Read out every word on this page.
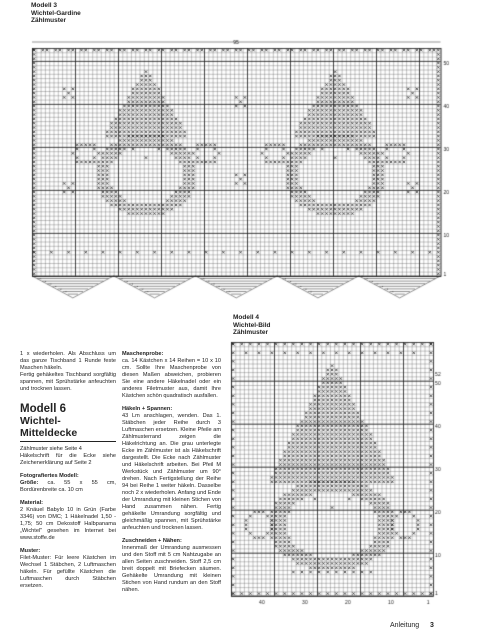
Modell 3
Wichtel-Gardine
Zählmuster
Modell 4
Wichtel-Bild
Zählmuster

1 x wiederholen. Als Abschluss um das ganze Tischband 1 Runde feste Maschen häkeln.
Fertig gehäkeltes Tischband sorgfältig spannen, mit Sprühstärke anfeuchten und trocknen lassen.

Modell 6
Wichtel-Mitteldecke

Zählmuster siehe Seite 4
Häkelschrift für die Ecke siehe Zeichenerklärung auf Seite 2

Fotografiertes Modell:
Größe: ca. 55 x 55 cm, Bordürenbreite ca. 10 cm

Material:
2 Knäuel Babylo 10 in Grün (Farbe 3346) von DMC; 1 Häkelnadel 1,50 - 1,75; 50 cm Dekostoff Halbpanama „Wichtel" gesehen im Internet bei www.stoffe.de

Muster:
Filet-Muster: Für leere Kästchen im Wechsel 1 Stäbchen, 2 Luftmaschen häkeln. Für gefüllte Kästchen die Luftmaschen durch Stäbchen ersetzen.

Maschenprobe:
ca. 14 Kästchen x 14 Reihen = 10 x 10 cm. Sollte Ihre Maschenprobe von diesen Maßen abweichen, probieren Sie eine andere Häkelnadel oder ein anderes Filetmuster aus, damit Ihre Kästchen schön quadratisch ausfallen.

Häkeln + Spannen:
43 Lm anschlagen, wenden. Das 1. Stäbchen jeder Reihe durch 3 Luftmaschen ersetzen. Kleine Pfeile am Zählmusterrand zeigen die Häkelrichtung an. Die grau unterlegte Ecke im Zählmuster ist als Häkelschrift dargestellt. Die Ecke nach Zählmuster und Häkelschrift arbeiten. Bei Pfeil M Werkstück und Zählmuster um 90° drehen. Nach Fertigstellung der Reihe 94 bei Reihe 1 weiter häkeln. Dasselbe noch 2 x wiederholen. Anfang und Ende der Umrandung mit kleinen Stichen von Hand zusammen nähen. Fertig gehäkelte Umrandung sorgfältig und gleichmäßig spannen, mit Sprühstärke anfeuchten und trocknen lassen.

Zuschneiden + Nähen:
Innenmaß der Umrandung ausmessen und den Stoff mit 5 cm Nahtzugabe an allen Seiten zuschneiden. Stoff 2,5 cm breit doppelt mit Briefecken säumen. Gehäkelte Umrandung mit kleinen Stichen von Hand rundum an den Stoff nähen.

Anleitung 3
